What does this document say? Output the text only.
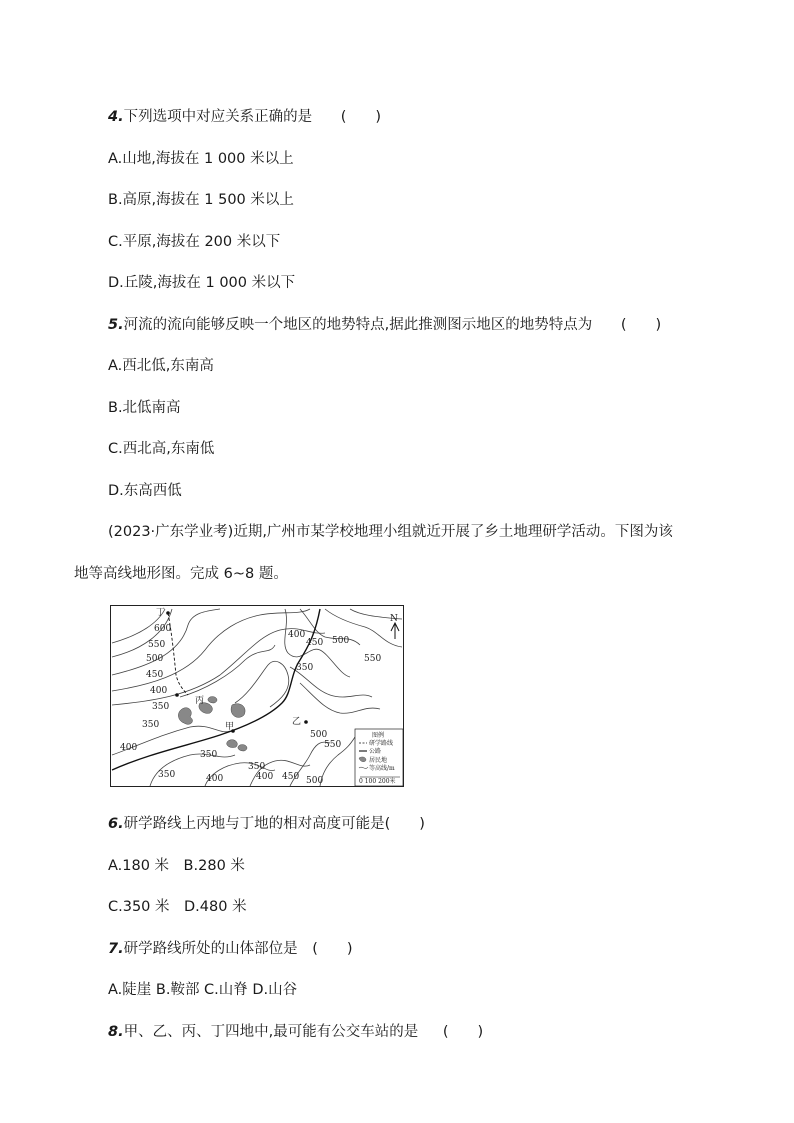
4.下列选项中对应关系正确的是 (　　)
A.山地,海拔在 1 000 米以上
B.高原,海拔在 1 500 米以上
C.平原,海拔在 200 米以下
D.丘陵,海拔在 1 000 米以下
5.河流的流向能够反映一个地区的地势特点,据此推测图示地区的地势特点为 (　　)
A.西北低,东南高
B.北低南高
C.西北高,东南低
D.东高西低
(2023·广东学业考)近期,广州市某学校地理小组就近开展了乡土地理研学活动。下图为该
地等高线地形图。完成 6~8 题。
丁
丙
甲	乙
600
550
500
450
400
350
400
450 500
550
350
400
350
350
350
400 450 500
500
550
350	400
N
图例
研学路线
公路
居民地
等高线/m
0 100 200米
6.研学路线上丙地与丁地的相对高度可能是(　　)
A.180 米　B.280 米
C.350 米　D.480 米
7.研学路线所处的山体部位是 (　　)
A.陡崖 B.鞍部 C.山脊 D.山谷
8.甲、乙、丙、丁四地中,最可能有公交车站的是 (　　)
